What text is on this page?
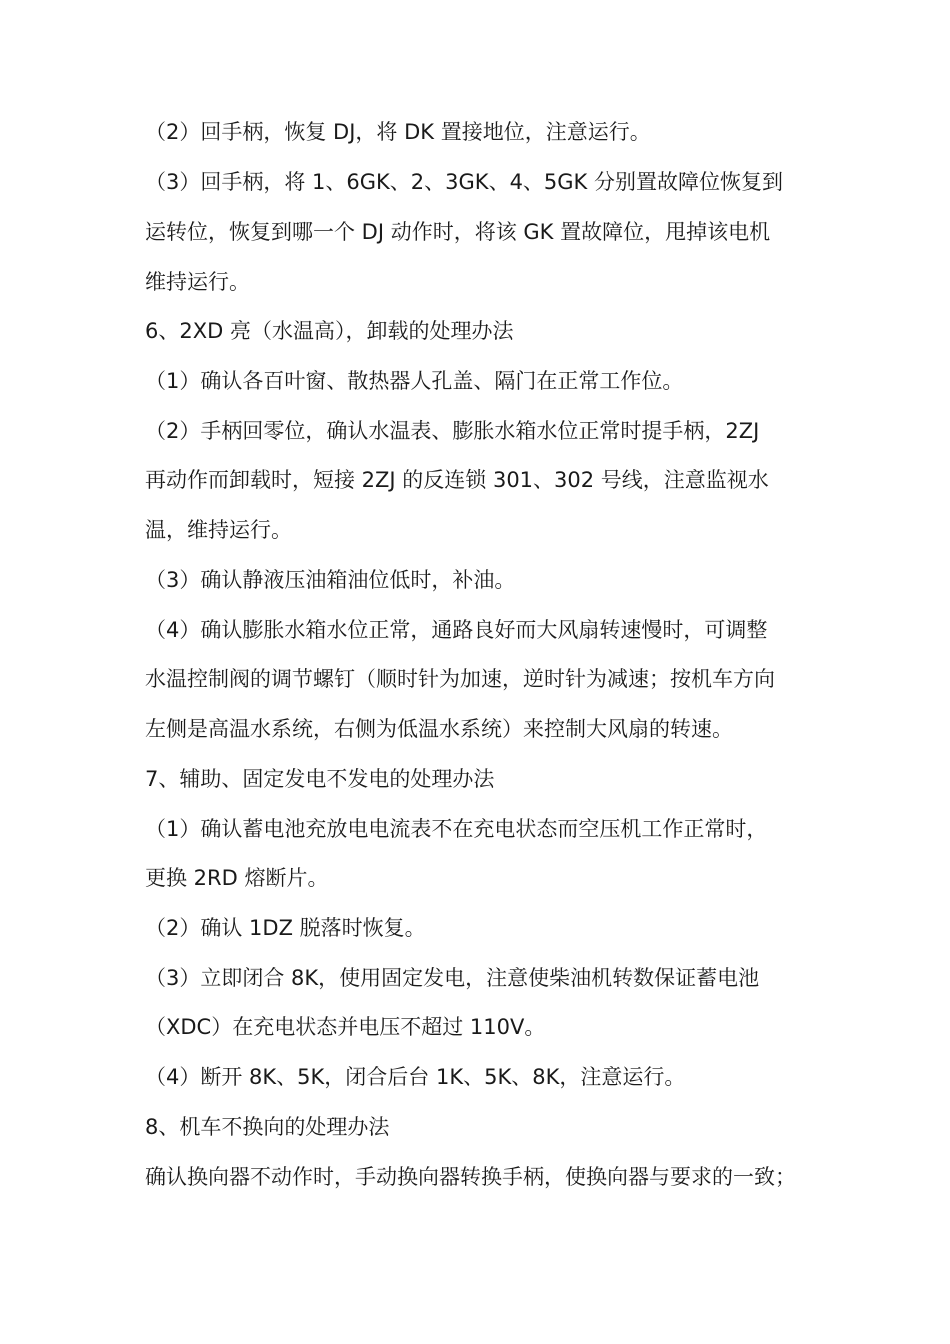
（2）回手柄，恢复 DJ，将 DK 置接地位，注意运行。
（3）回手柄，将 1、6GK、2、3GK、4、5GK 分别置故障位恢复到
运转位，恢复到哪一个 DJ 动作时，将该 GK 置故障位，甩掉该电机
维持运行。
6、2XD 亮（水温高），卸载的处理办法
（1）确认各百叶窗、散热器人孔盖、隔门在正常工作位。
（2）手柄回零位，确认水温表、膨胀水箱水位正常时提手柄，2ZJ
再动作而卸载时，短接 2ZJ 的反连锁 301、302 号线，注意监视水
温，维持运行。
（3）确认静液压油箱油位低时，补油。
（4）确认膨胀水箱水位正常，通路良好而大风扇转速慢时，可调整
水温控制阀的调节螺钉（顺时针为加速，逆时针为减速；按机车方向
左侧是高温水系统，右侧为低温水系统）来控制大风扇的转速。
7、辅助、固定发电不发电的处理办法
（1）确认蓄电池充放电电流表不在充电状态而空压机工作正常时，
更换 2RD 熔断片。
（2）确认 1DZ 脱落时恢复。
（3）立即闭合 8K，使用固定发电，注意使柴油机转数保证蓄电池
（XDC）在充电状态并电压不超过 110V。
（4）断开 8K、5K，闭合后台 1K、5K、8K，注意运行。
8、机车不换向的处理办法
确认换向器不动作时，手动换向器转换手柄，使换向器与要求的一致；
